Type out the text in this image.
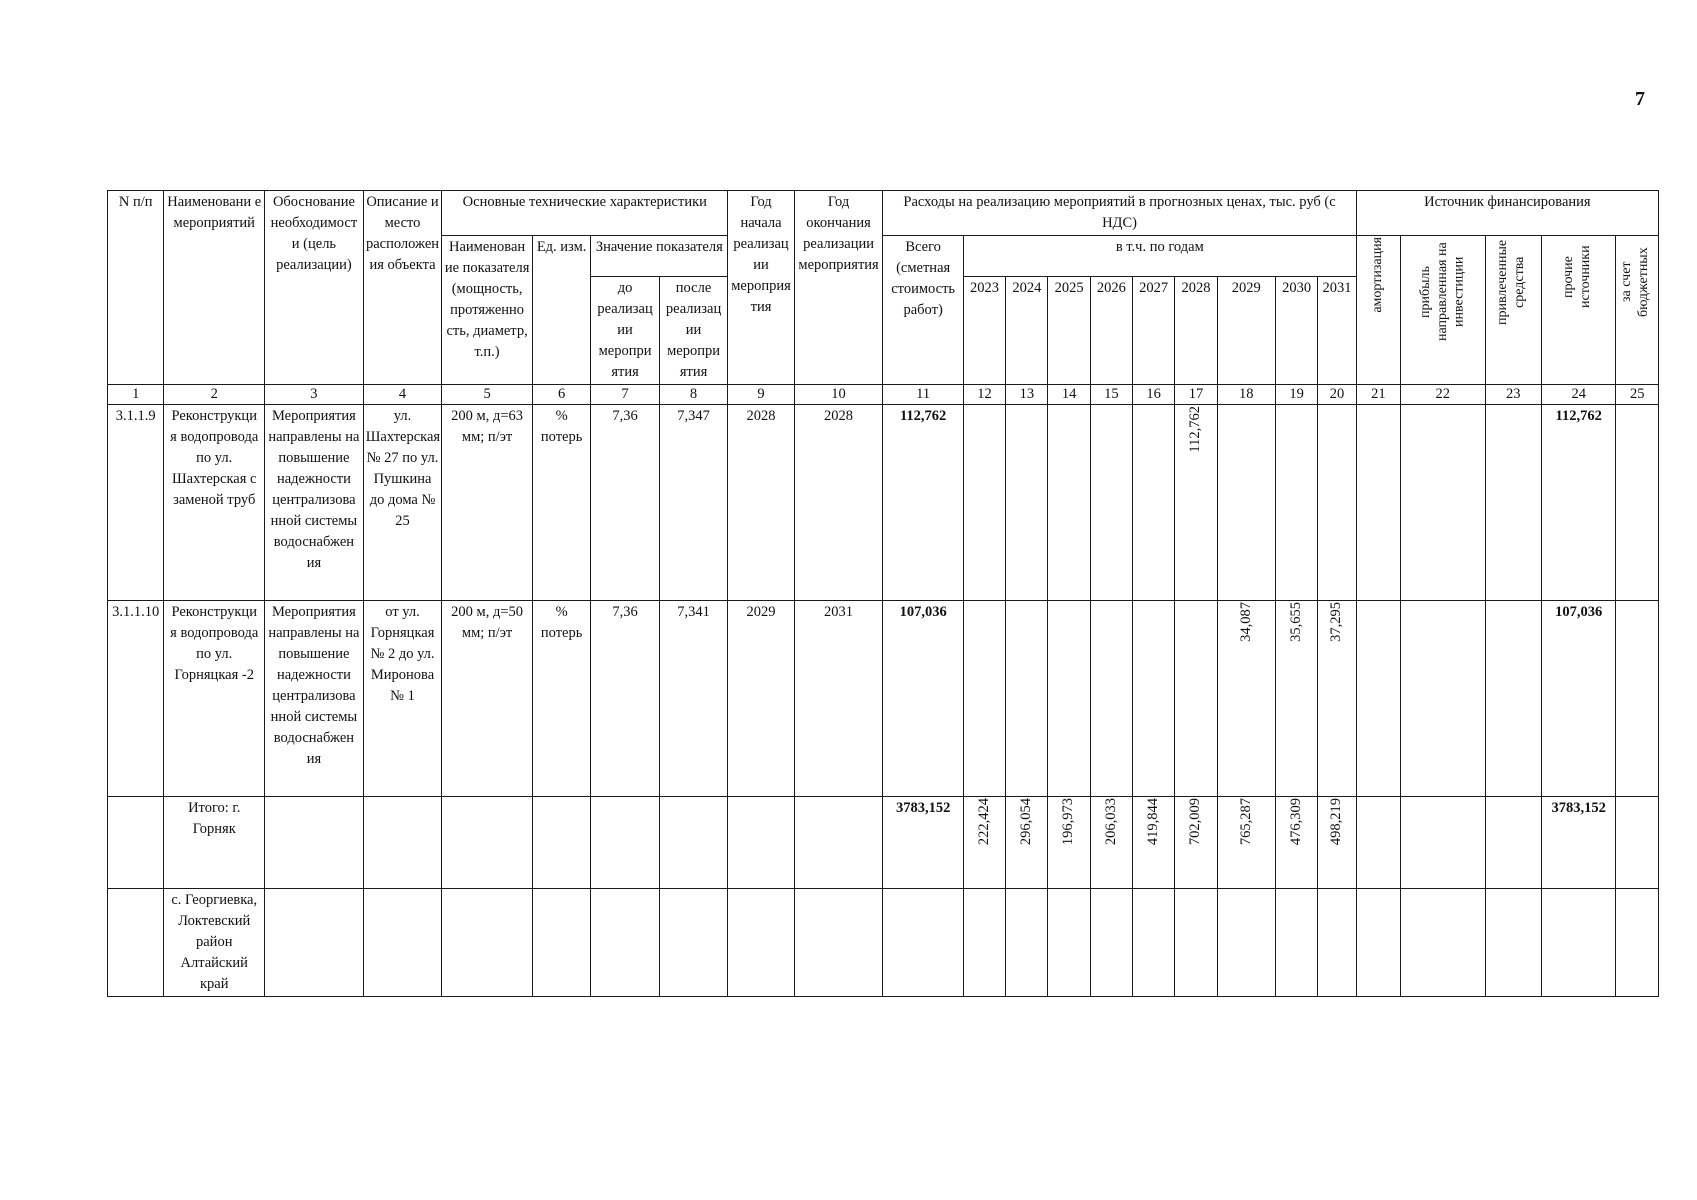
7
N п/п	Наименовани е мероприятий	Обоснование необходимост и (цель реализации)	Описание и место расположен ия объекта	Основные технические характеристики				Год начала реализац ии мероприя тия	Год окончания реализации мероприятия	Расходы на реализацию мероприятий в прогнозных ценах, тыс. руб (с НДС)										Источник финансирования				
				Наименован ие показателя (мощность, протяженно сть, диаметр, т.п.)	Ед. изм.	Значение показателя				Всего (сметная стоимость работ)	в т.ч. по годам									амортизация	прибыль направленная на инвестиции	привлеченные средства	прочие источники	за счет бюджетных
						до реализац ии меропри ятия	после реализац ии меропри ятия				2023	2024	2025	2026	2027	2028	2029	2030	2031					

1	2	3	4	5	6	7	8	9	10	11	12	13	14	15	16	17	18	19	20	21	22	23	24	25
3.1.1.9	Реконструкци я водопровода по ул. Шахтерская с заменой труб	Мероприятия направлены на повышение надежности централизова нной системы водоснабжен ия	ул. Шахтерская № 27 по ул. Пушкина до дома № 25	200 м, д=63 мм; п/эт	% потерь	7,36	7,347	2028	2028	112,762						112,762							112,762	
3.1.1.10	Реконструкци я водопровода по ул. Горняцкая -2	Мероприятия направлены на повышение надежности централизова нной системы водоснабжен ия	от ул. Горняцкая № 2 до ул. Миронова № 1	200 м, д=50 мм; п/эт	% потерь	7,36	7,341	2029	2031	107,036							34,087	35,655	37,295				107,036	
	Итого: г. Горняк									3783,152	222,424	296,054	196,973	206,033	419,844	702,009	765,287	476,309	498,219				3783,152	
	с. Георгиевка, Локтевский район Алтайский край																							
